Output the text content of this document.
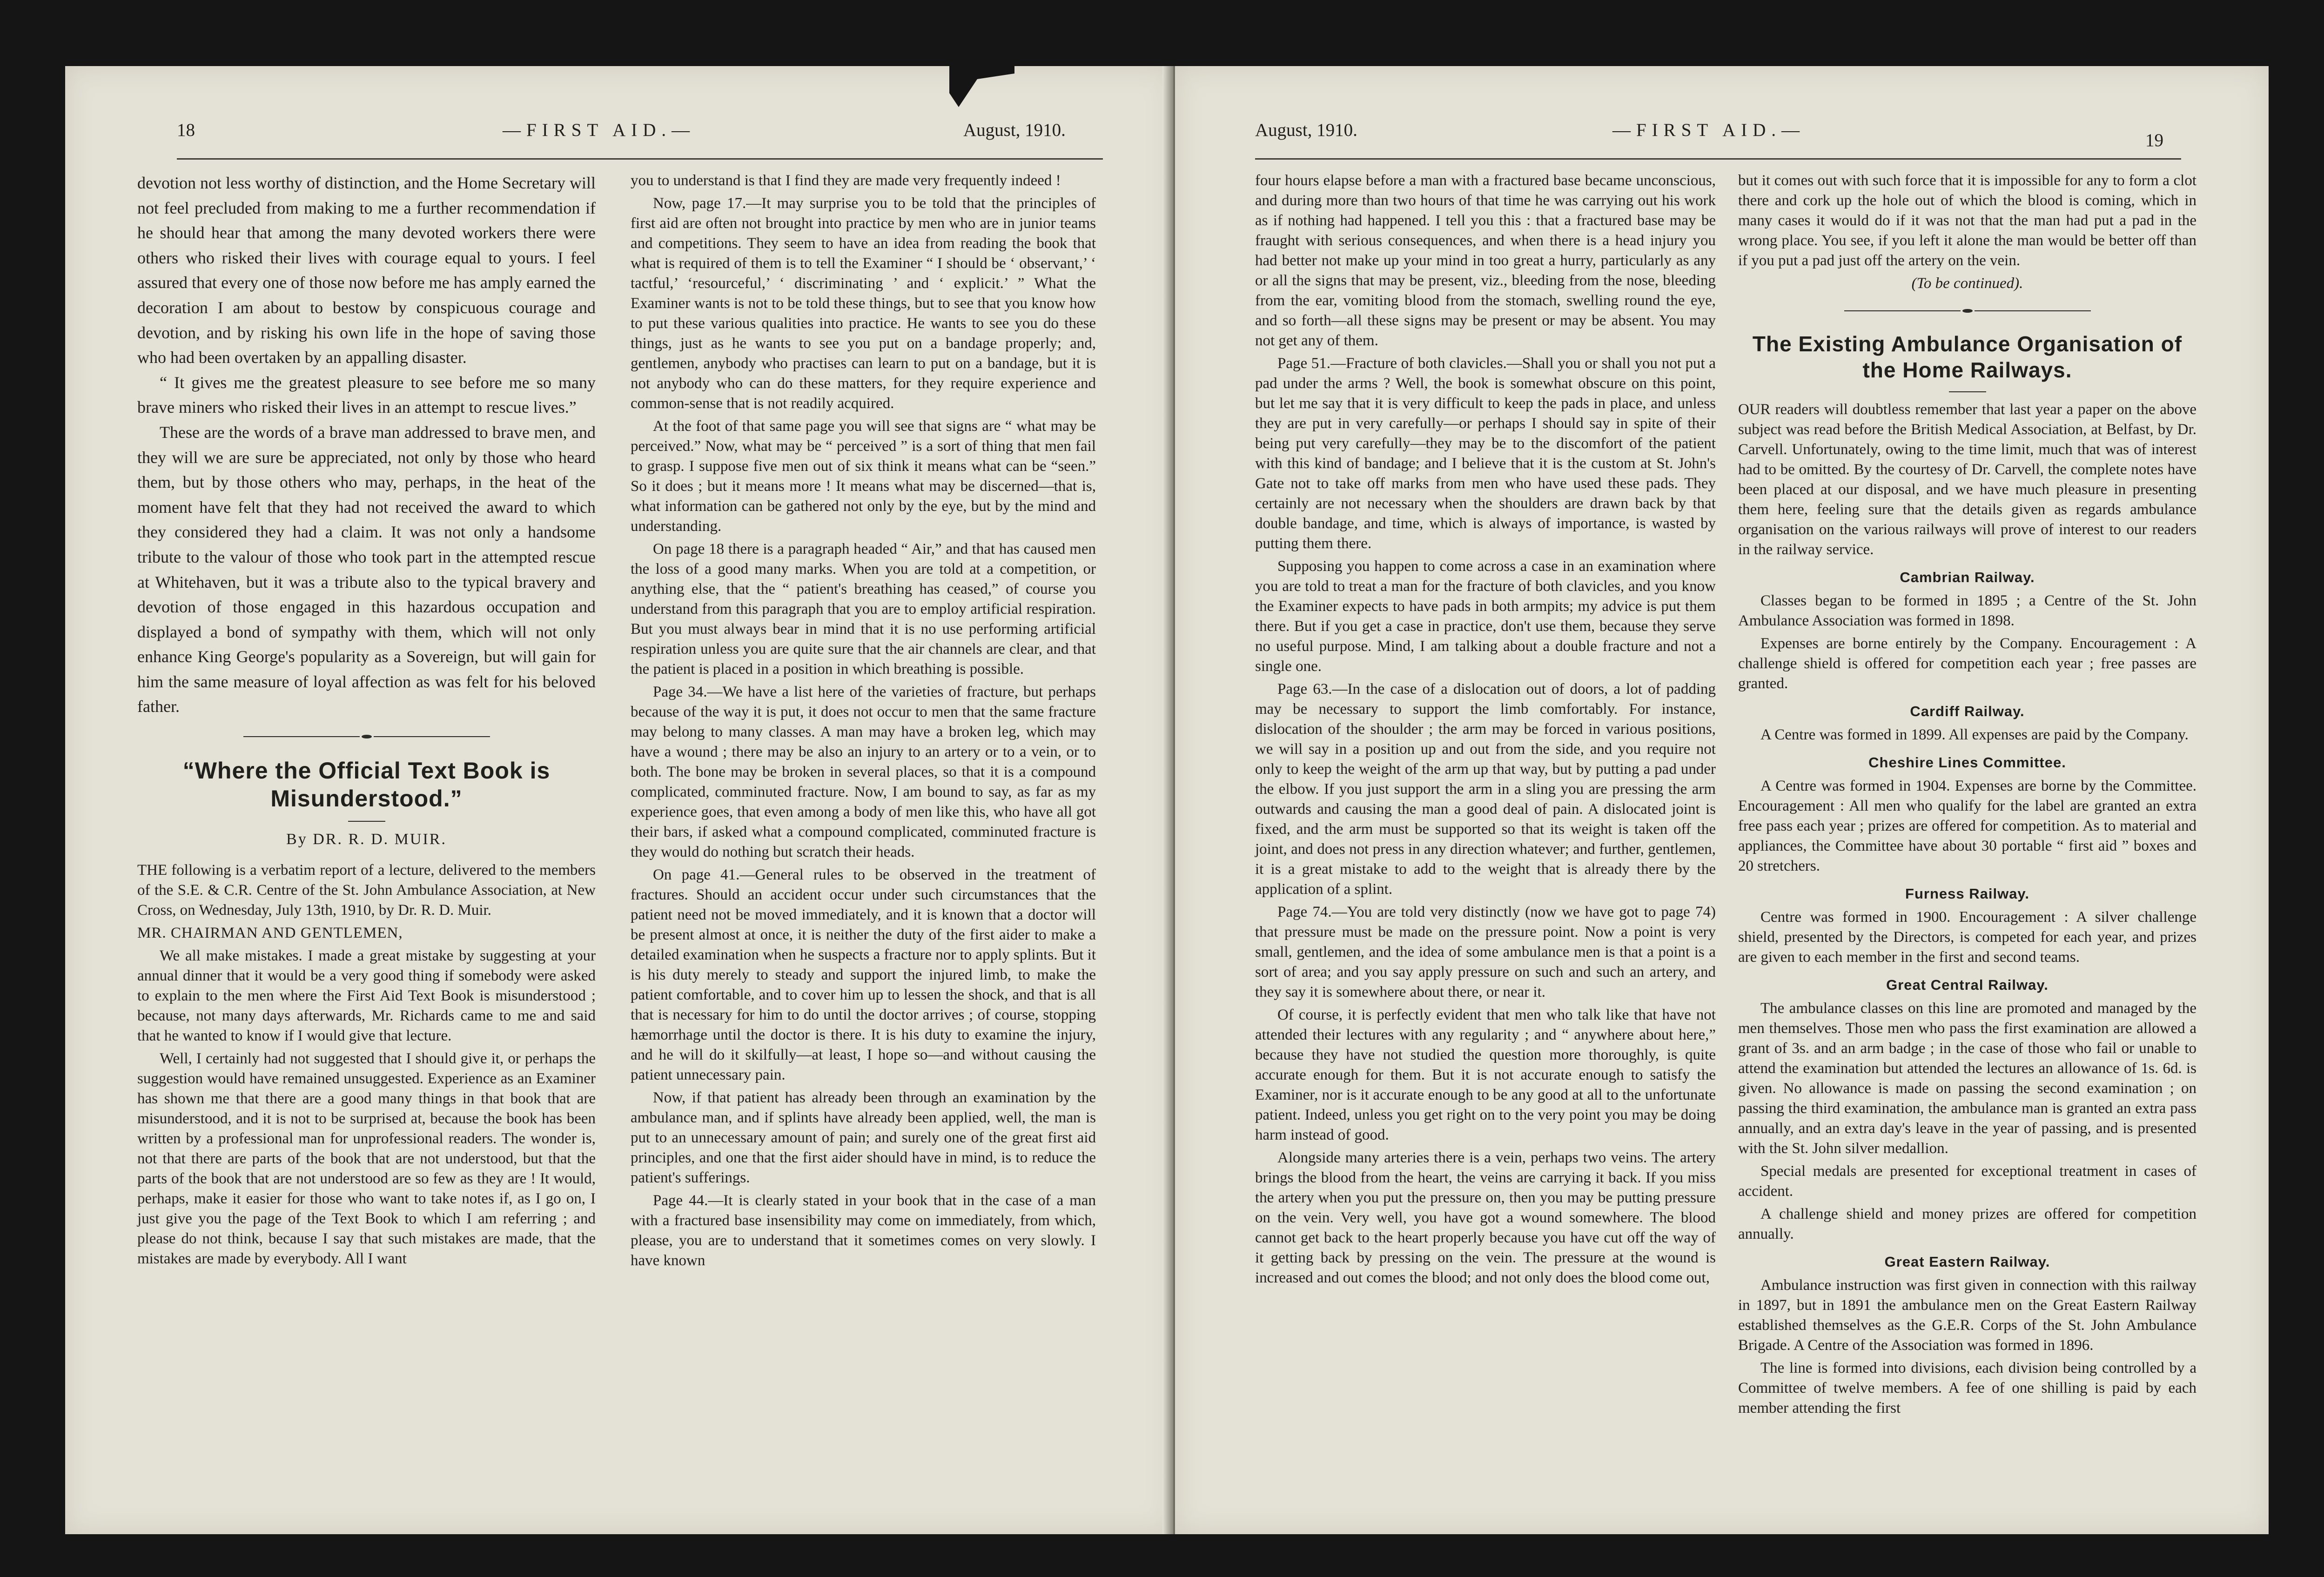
18	—FIRST AID.—	August, 1910.

devotion not less worthy of distinction, and the Home Secretary will not feel precluded from making to me a further recommendation if he should hear that among the many devoted workers there were others who risked their lives with courage equal to yours. I feel assured that every one of those now before me has amply earned the decoration I am about to bestow by conspicuous courage and devotion, and by risking his own life in the hope of saving those who had been overtaken by an appalling disaster.

“ It gives me the greatest pleasure to see before me so many brave miners who risked their lives in an attempt to rescue lives.”

These are the words of a brave man addressed to brave men, and they will we are sure be appreciated, not only by those who heard them, but by those others who may, perhaps, in the heat of the moment have felt that they had not received the award to which they considered they had a claim. It was not only a handsome tribute to the valour of those who took part in the attempted rescue at Whitehaven, but it was a tribute also to the typical bravery and devotion of those engaged in this hazardous occupation and displayed a bond of sympathy with them, which will not only enhance King George's popularity as a Sovereign, but will gain for him the same measure of loyal affection as was felt for his beloved father.

“Where the Official Text Book is Misunderstood.”
By DR. R. D. MUIR.

THE following is a verbatim report of a lecture, delivered to the members of the S.E. & C.R. Centre of the St. John Ambulance Association, at New Cross, on Wednesday, July 13th, 1910, by Dr. R. D. Muir.

MR. CHAIRMAN AND GENTLEMEN,

We all make mistakes. I made a great mistake by suggesting at your annual dinner that it would be a very good thing if somebody were asked to explain to the men where the First Aid Text Book is misunderstood ; because, not many days afterwards, Mr. Richards came to me and said that he wanted to know if I would give that lecture.

Well, I certainly had not suggested that I should give it, or perhaps the suggestion would have remained unsuggested. Experience as an Examiner has shown me that there are a good many things in that book that are misunderstood, and it is not to be surprised at, because the book has been written by a professional man for unprofessional readers. The wonder is, not that there are parts of the book that are not understood, but that the parts of the book that are not understood are so few as they are ! It would, perhaps, make it easier for those who want to take notes if, as I go on, I just give you the page of the Text Book to which I am referring ; and please do not think, because I say that such mistakes are made, that the mistakes are made by everybody. All I want

you to understand is that I find they are made very frequently indeed !

Now, page 17.—It may surprise you to be told that the principles of first aid are often not brought into practice by men who are in junior teams and competitions. They seem to have an idea from reading the book that what is required of them is to tell the Examiner “ I should be ‘ observant,’ ‘ tactful,’ ‘resourceful,’ ‘ discriminating ’ and ‘ explicit.’ ” What the Examiner wants is not to be told these things, but to see that you know how to put these various qualities into practice. He wants to see you do these things, just as he wants to see you put on a bandage properly; and, gentlemen, anybody who practises can learn to put on a bandage, but it is not anybody who can do these matters, for they require experience and common-sense that is not readily acquired.

At the foot of that same page you will see that signs are “ what may be perceived.” Now, what may be “ perceived ” is a sort of thing that men fail to grasp. I suppose five men out of six think it means what can be “seen.” So it does ; but it means more ! It means what may be discerned—that is, what information can be gathered not only by the eye, but by the mind and understanding.

On page 18 there is a paragraph headed “ Air,” and that has caused men the loss of a good many marks. When you are told at a competition, or anything else, that the “ patient's breathing has ceased,” of course you understand from this paragraph that you are to employ artificial respiration. But you must always bear in mind that it is no use performing artificial respiration unless you are quite sure that the air channels are clear, and that the patient is placed in a position in which breathing is possible.

Page 34.—We have a list here of the varieties of fracture, but perhaps because of the way it is put, it does not occur to men that the same fracture may belong to many classes. A man may have a broken leg, which may have a wound ; there may be also an injury to an artery or to a vein, or to both. The bone may be broken in several places, so that it is a compound complicated, comminuted fracture. Now, I am bound to say, as far as my experience goes, that even among a body of men like this, who have all got their bars, if asked what a compound complicated, comminuted fracture is they would do nothing but scratch their heads.

On page 41.—General rules to be observed in the treatment of fractures. Should an accident occur under such circumstances that the patient need not be moved immediately, and it is known that a doctor will be present almost at once, it is neither the duty of the first aider to make a detailed examination when he suspects a fracture nor to apply splints. But it is his duty merely to steady and support the injured limb, to make the patient comfortable, and to cover him up to lessen the shock, and that is all that is necessary for him to do until the doctor arrives ; of course, stopping hæmorrhage until the doctor is there. It is his duty to examine the injury, and he will do it skilfully—at least, I hope so—and without causing the patient unnecessary pain.

Now, if that patient has already been through an examination by the ambulance man, and if splints have already been applied, well, the man is put to an unnecessary amount of pain; and surely one of the great first aid principles, and one that the first aider should have in mind, is to reduce the patient's sufferings.

Page 44.—It is clearly stated in your book that in the case of a man with a fractured base insensibility may come on immediately, from which, please, you are to understand that it sometimes comes on very slowly. I have known

August, 1910.	—FIRST AID.—
19

four hours elapse before a man with a fractured base became unconscious, and during more than two hours of that time he was carrying out his work as if nothing had happened. I tell you this : that a fractured base may be fraught with serious consequences, and when there is a head injury you had better not make up your mind in too great a hurry, particularly as any or all the signs that may be present, viz., bleeding from the nose, bleeding from the ear, vomiting blood from the stomach, swelling round the eye, and so forth—all these signs may be present or may be absent. You may not get any of them.

Page 51.—Fracture of both clavicles.—Shall you or shall you not put a pad under the arms ? Well, the book is somewhat obscure on this point, but let me say that it is very difficult to keep the pads in place, and unless they are put in very carefully—or perhaps I should say in spite of their being put very carefully—they may be to the discomfort of the patient with this kind of bandage; and I believe that it is the custom at St. John's Gate not to take off marks from men who have used these pads. They certainly are not necessary when the shoulders are drawn back by that double bandage, and time, which is always of importance, is wasted by putting them there.

Supposing you happen to come across a case in an examination where you are told to treat a man for the fracture of both clavicles, and you know the Examiner expects to have pads in both armpits; my advice is put them there. But if you get a case in practice, don't use them, because they serve no useful purpose. Mind, I am talking about a double fracture and not a single one.

Page 63.—In the case of a dislocation out of doors, a lot of padding may be necessary to support the limb comfortably. For instance, dislocation of the shoulder ; the arm may be forced in various positions, we will say in a position up and out from the side, and you require not only to keep the weight of the arm up that way, but by putting a pad under the elbow. If you just support the arm in a sling you are pressing the arm outwards and causing the man a good deal of pain. A dislocated joint is fixed, and the arm must be supported so that its weight is taken off the joint, and does not press in any direction whatever; and further, gentlemen, it is a great mistake to add to the weight that is already there by the application of a splint.

Page 74.—You are told very distinctly (now we have got to page 74) that pressure must be made on the pressure point. Now a point is very small, gentlemen, and the idea of some ambulance men is that a point is a sort of area; and you say apply pressure on such and such an artery, and they say it is somewhere about there, or near it.

Of course, it is perfectly evident that men who talk like that have not attended their lectures with any regularity ; and “ anywhere about here,” because they have not studied the question more thoroughly, is quite accurate enough for them. But it is not accurate enough to satisfy the Examiner, nor is it accurate enough to be any good at all to the unfortunate patient. Indeed, unless you get right on to the very point you may be doing harm instead of good.

Alongside many arteries there is a vein, perhaps two veins. The artery brings the blood from the heart, the veins are carrying it back. If you miss the artery when you put the pressure on, then you may be putting pressure on the vein. Very well, you have got a wound somewhere. The blood cannot get back to the heart properly because you have cut off the way of it getting back by pressing on the vein. The pressure at the wound is increased and out comes the blood; and not only does the blood come out,

but it comes out with such force that it is impossible for any to form a clot there and cork up the hole out of which the blood is coming, which in many cases it would do if it was not that the man had put a pad in the wrong place. You see, if you left it alone the man would be better off than if you put a pad just off the artery on the vein.

(To be continued).

The Existing Ambulance Organisation of the Home Railways.

OUR readers will doubtless remember that last year a paper on the above subject was read before the British Medical Association, at Belfast, by Dr. Carvell. Unfortunately, owing to the time limit, much that was of interest had to be omitted. By the courtesy of Dr. Carvell, the complete notes have been placed at our disposal, and we have much pleasure in presenting them here, feeling sure that the details given as regards ambulance organisation on the various railways will prove of interest to our readers in the railway service.

Cambrian Railway.

Classes began to be formed in 1895 ; a Centre of the St. John Ambulance Association was formed in 1898.

Expenses are borne entirely by the Company. Encouragement : A challenge shield is offered for competition each year ; free passes are granted.

Cardiff Railway.

A Centre was formed in 1899. All expenses are paid by the Company.

Cheshire Lines Committee.

A Centre was formed in 1904. Expenses are borne by the Committee. Encouragement : All men who qualify for the label are granted an extra free pass each year ; prizes are offered for competition. As to material and appliances, the Committee have about 30 portable “ first aid ” boxes and 20 stretchers.

Furness Railway.

Centre was formed in 1900. Encouragement : A silver challenge shield, presented by the Directors, is competed for each year, and prizes are given to each member in the first and second teams.

Great Central Railway.

The ambulance classes on this line are promoted and managed by the men themselves. Those men who pass the first examination are allowed a grant of 3s. and an arm badge ; in the case of those who fail or unable to attend the examination but attended the lectures an allowance of 1s. 6d. is given. No allowance is made on passing the second examination ; on passing the third examination, the ambulance man is granted an extra pass annually, and an extra day's leave in the year of passing, and is presented with the St. John silver medallion.

Special medals are presented for exceptional treatment in cases of accident.

A challenge shield and money prizes are offered for competition annually.

Great Eastern Railway.

Ambulance instruction was first given in connection with this railway in 1897, but in 1891 the ambulance men on the Great Eastern Railway established themselves as the G.E.R. Corps of the St. John Ambulance Brigade. A Centre of the Association was formed in 1896.

The line is formed into divisions, each division being controlled by a Committee of twelve members. A fee of one shilling is paid by each member attending the first
